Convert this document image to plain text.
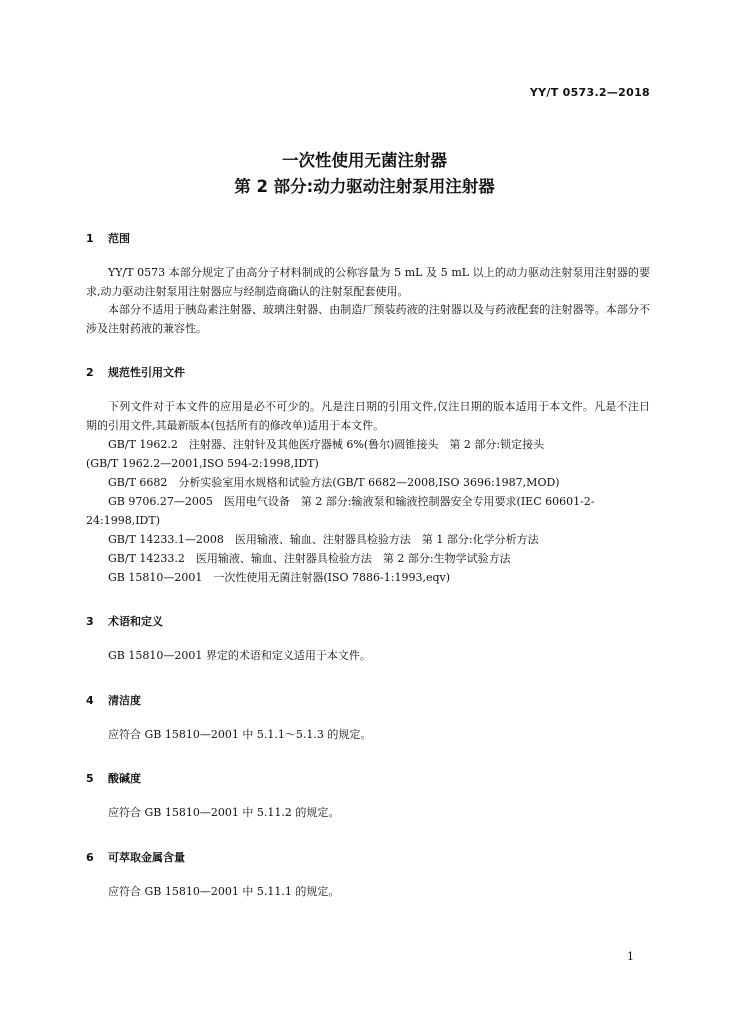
YY/T 0573.2—2018

一次性使用无菌注射器

第 2 部分:动力驱动注射泵用注射器

1 范围

YY/T 0573 本部分规定了由高分子材料制成的公称容量为 5 mL 及 5 mL 以上的动力驱动注射泵用注射器的要求,动力驱动注射泵用注射器应与经制造商确认的注射泵配套使用。

本部分不适用于胰岛素注射器、玻璃注射器、由制造厂预装药液的注射器以及与药液配套的注射器等。本部分不涉及注射药液的兼容性。

2 规范性引用文件

下列文件对于本文件的应用是必不可少的。凡是注日期的引用文件,仅注日期的版本适用于本文件。凡是不注日期的引用文件,其最新版本(包括所有的修改单)适用于本文件。

GB/T 1962.2　注射器、注射针及其他医疗器械 6%(鲁尔)圆锥接头　第 2 部分:锁定接头

(GB/T 1962.2—2001,ISO 594-2:1998,IDT)

GB/T 6682　分析实验室用水规格和试验方法(GB/T 6682—2008,ISO 3696:1987,MOD)

GB 9706.27—2005　医用电气设备　第 2 部分:输液泵和输液控制器安全专用要求(IEC 60601-2-

24:1998,IDT)

GB/T 14233.1—2008　医用输液、输血、注射器具检验方法　第 1 部分:化学分析方法

GB/T 14233.2　医用输液、输血、注射器具检验方法　第 2 部分:生物学试验方法

GB 15810—2001　一次性使用无菌注射器(ISO 7886-1:1993,eqv)

3 术语和定义

GB 15810—2001 界定的术语和定义适用于本文件。

4 清洁度

应符合 GB 15810—2001 中 5.1.1～5.1.3 的规定。

5 酸碱度

应符合 GB 15810—2001 中 5.11.2 的规定。

6 可萃取金属含量

应符合 GB 15810—2001 中 5.11.1 的规定。

1
